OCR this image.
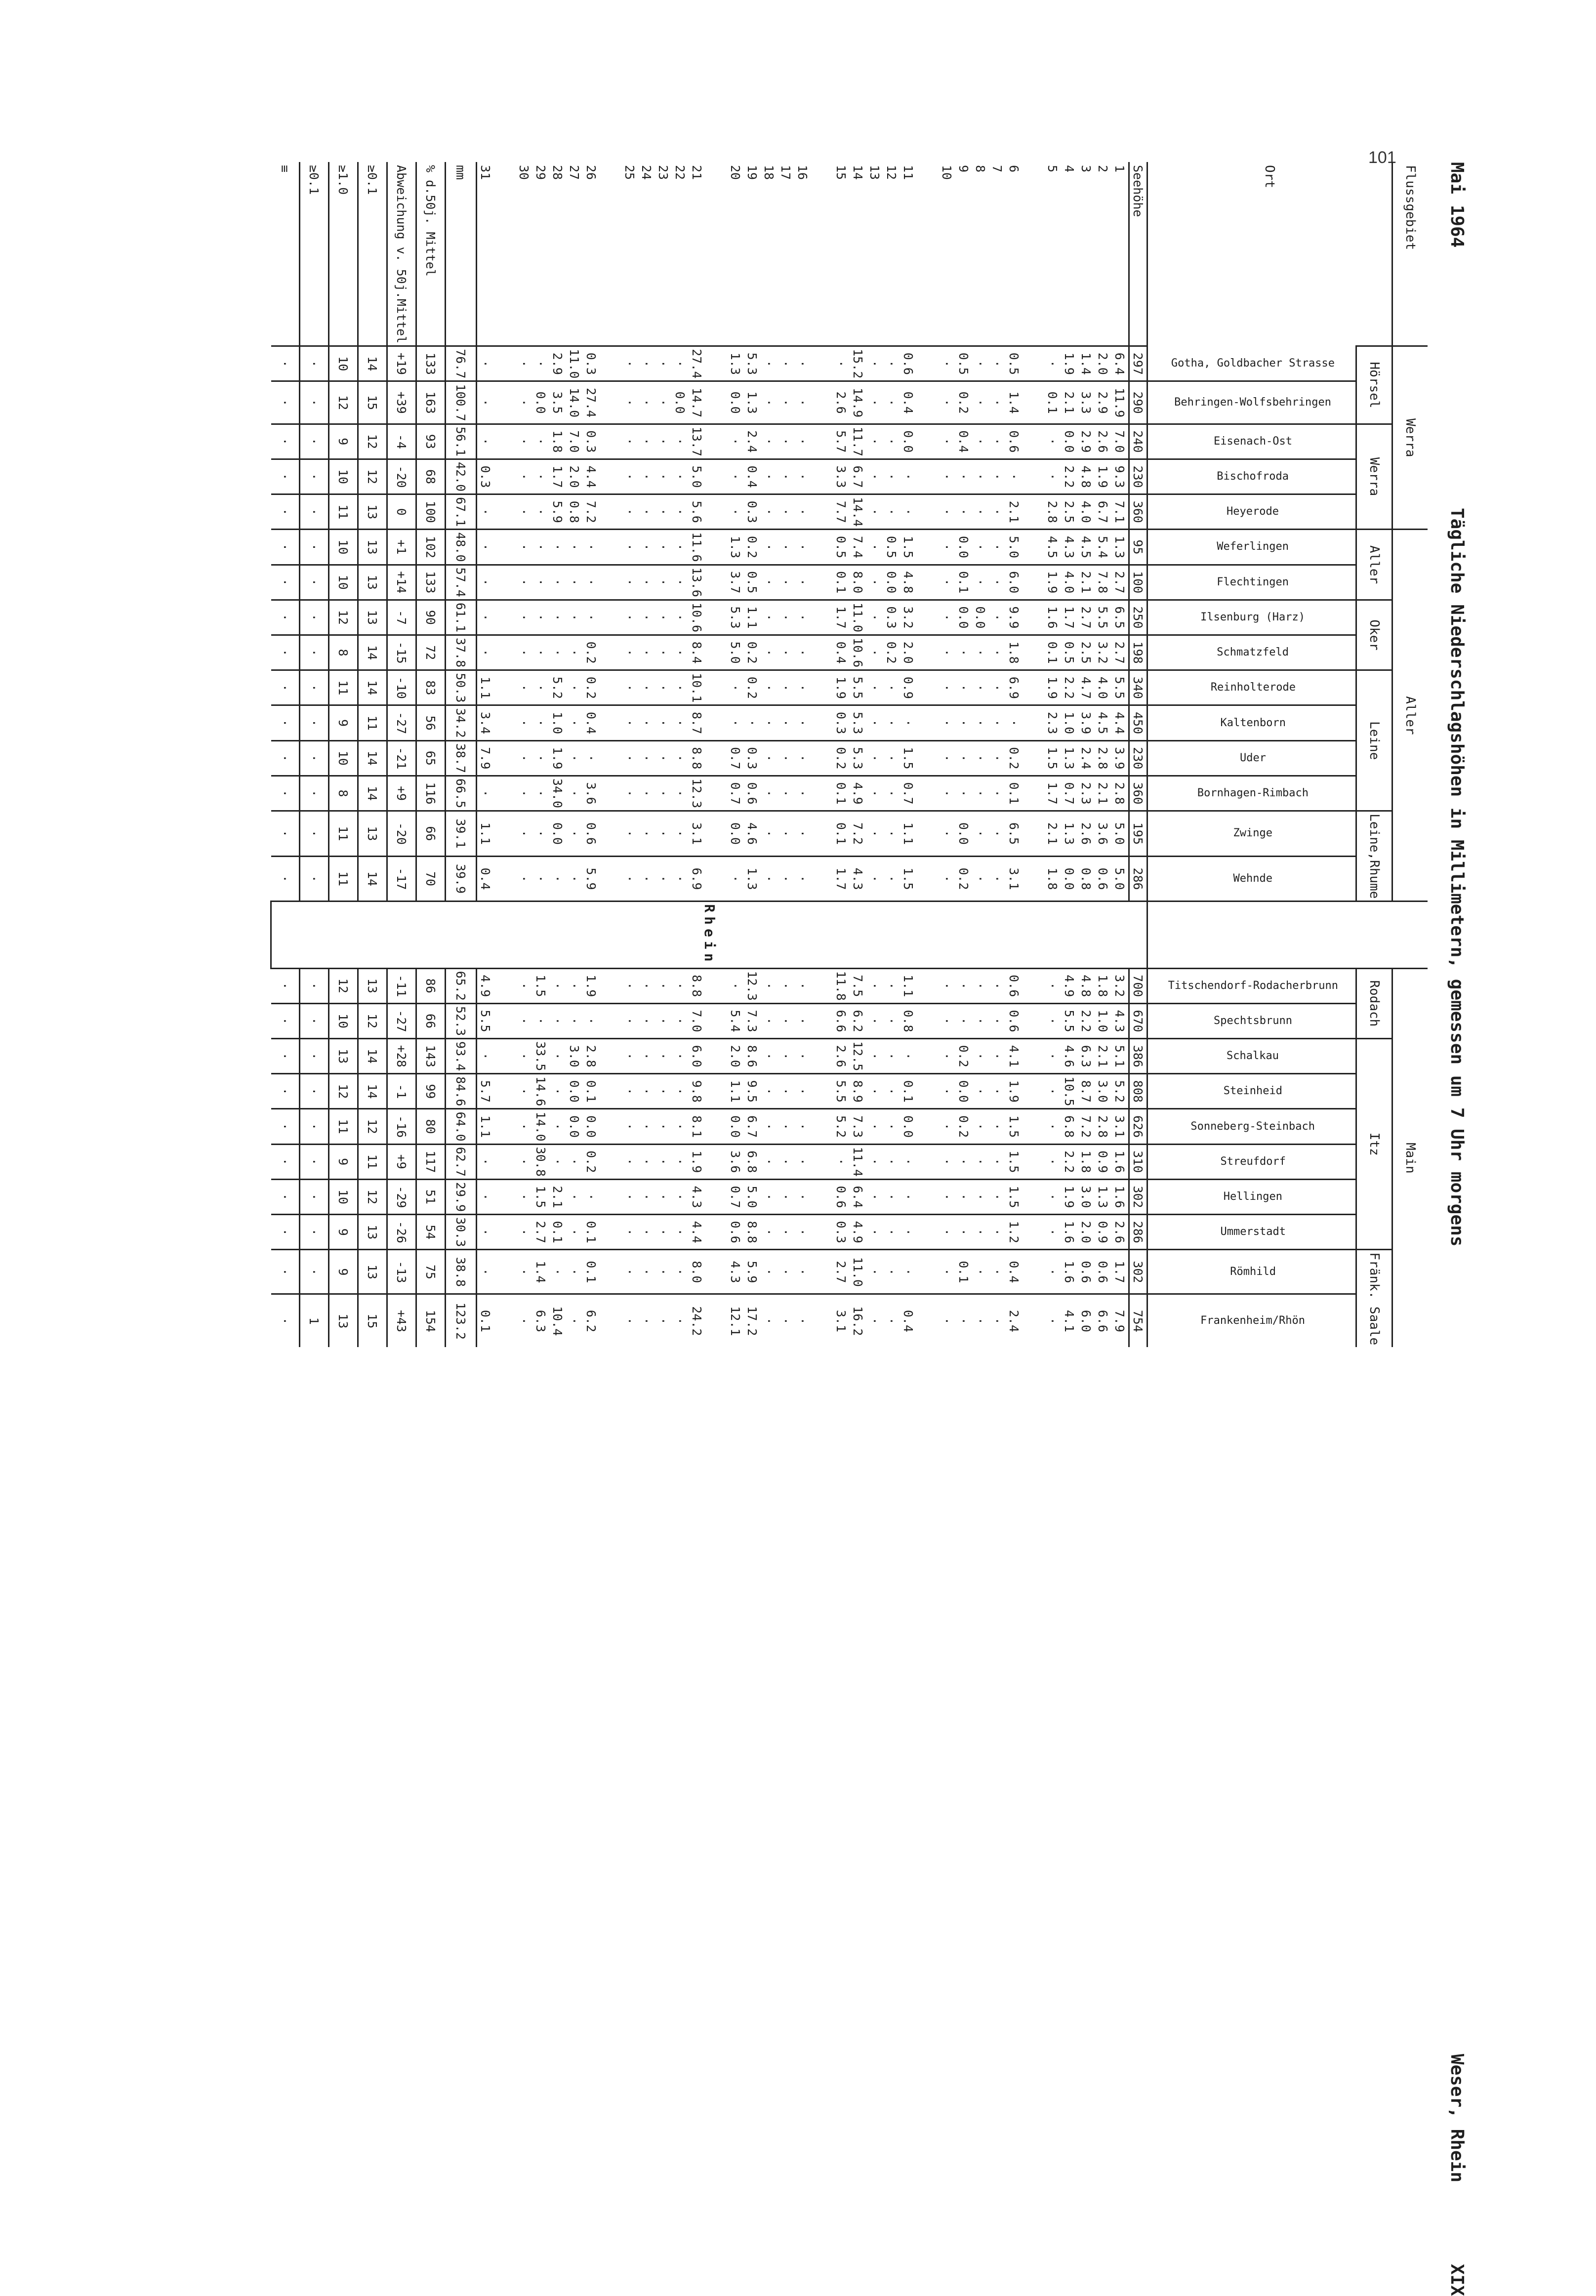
101
Mai 1964
Tägliche Niederschlagshöhen in Millimetern, gemessen um 7 Uhr morgens
Weser, Rhein
XIX
Flussgebiet	Werra					Aller											Main									
Ort	Hörsel		Werra			Aller		Oker		Leine				Leine,Rhume			Rodach		Itz						Fränk. Saale	
	Gotha, Goldbacher Strasse	Behringen-Wolfsbehringen	Eisenach-Ost	Bischofroda	Heyerode	Weferlingen	Flechtingen	Ilsenburg (Harz)	Schmatzfeld	Reinholterode	Kaltenborn	Uder	Bornhagen-Rimbach	Zwinge	Wehnde		Titschendorf-Rodacherbrunn	Spechtsbrunn	Schalkau	Steinheid	Sonneberg-Steinbach	Streufdorf	Hellingen	Ummerstadt	Römhild	Frankenheim/Rhön

Seehöhe	297	290	240	230	360	95	100	250	198	340	450	230	360	195	286	Rhein	700	670	386	808	626	310	302	286	302	754
1	6.4	11.9	7.0	9.3	7.1	1.3	2.7	6.5	2.7	5.5	4.4	3.9	2.8	5.0	5.0		3.2	4.3	5.1	5.2	3.1	1.6	1.6	2.6	1.7	7.9
2	2.0	2.9	2.6	1.9	6.7	5.4	7.8	5.5	3.2	4.0	4.5	2.8	2.1	3.6	0.6		1.8	1.0	2.1	3.0	2.8	0.9	1.3	0.9	0.6	6.6
3	1.4	3.3	2.9	4.8	4.0	4.5	2.1	2.7	2.5	4.7	3.9	2.4	2.3	2.6	0.8		4.8	2.2	6.3	8.7	7.2	1.8	3.0	2.0	0.6	6.0
4	1.9	2.1	0.0	2.2	2.5	4.3	4.0	1.7	0.5	2.2	1.0	1.3	0.7	1.3	0.0		4.9	5.5	4.6	10.5	6.8	2.2	1.9	1.6	1.6	4.1
5	·	0.1	·	·	2.8	4.5	1.9	1.6	0.1	1.9	2.3	1.5	1.7	2.1	1.8		·	·	·	·	·	·	·	·	·	·

6	0.5	1.4	0.6	·	2.1	5.0	6.0	9.9	1.8	6.9	·	0.2	0.1	6.5	3.1		0.6	0.6	4.1	1.9	1.5	1.5	1.5	1.2	0.4	2.4
7	·	·	·	·	·	·	·	·	·	·	·	·	·	·	·		·	·	·	·	·	·	·	·	·	·
8	·	·	·	·	·	·	·	0.0	·	·	·	·	·	·	·		·	·	·	·	·	·	·	·	·	·
9	0.5	0.2	0.4	·	·	0.0	0.1	0.0	·	·	·	·	·	0.0	0.2		·	·	0.2	0.0	0.2	·	·	·	0.1	·
10	·	·	·	·	·	·	·	·	·	·	·	·	·	·	·		·	·	·	·	·	·	·	·	·	·

11	0.6	0.4	0.0	·	·	1.5	4.8	3.2	2.0	0.9	·	1.5	0.7	1.1	1.5		1.1	0.8	·	0.1	0.0	·	·	·	·	0.4
12	·	·	·	·	·	0.5	0.0	0.3	0.2	·	·	·	·	·	·		·	·	·	·	·	·	·	·	·	·
13	·	·	·	·	·	·	·	·	·	·	·	·	·	·	·		·	·	·	·	·	·	·	·	·	·
14	15.2	14.9	11.7	6.7	14.4	7.4	8.0	11.0	10.6	5.5	5.3	5.3	4.9	7.2	4.3		7.5	6.2	12.5	8.9	7.3	11.4	6.4	4.9	11.0	16.2
15	·	2.6	5.7	3.3	7.7	0.5	0.1	1.7	0.4	1.9	0.3	0.2	0.1	0.1	1.7		11.8	6.6	2.6	5.5	5.2	·	0.6	0.3	2.7	3.1

16	·	·	·	·	·	·	·	·	·	·	·	·	·	·	·		·	·	·	·	·	·	·	·	·	·
17	·	·	·	·	·	·	·	·	·	·	·	·	·	·	·		·	·	·	·	·	·	·	·	·	·
18	·	·	·	·	·	·	·	·	·	·	·	·	·	·	·		·	·	·	·	·	·	·	·	·	·
19	5.3	1.3	2.4	0.4	0.3	0.2	0.5	1.1	0.2	0.2	·	0.3	0.6	4.6	1.3		12.3	7.3	8.6	9.5	6.7	6.8	5.0	8.8	5.9	17.2
20	1.3	0.0	·	·	·	1.3	3.7	5.3	5.0	·	·	0.7	0.7	0.0	·		·	5.4	2.0	1.1	0.0	3.6	0.7	0.6	4.3	12.1

21	27.4	14.7	13.7	5.0	5.6	11.6	13.6	10.6	8.4	10.1	8.7	8.8	12.3	3.1	6.9		8.8	7.0	6.0	9.8	8.1	1.9	4.3	4.4	8.0	24.2
22	·	0.0	·	·	·	·	·	·	·	·	·	·	·	·	·		·	·	·	·	·	·	·	·	·	·
23	·	·	·	·	·	·	·	·	·	·	·	·	·	·	·		·	·	·	·	·	·	·	·	·	·
24	·	·	·	·	·	·	·	·	·	·	·	·	·	·	·		·	·	·	·	·	·	·	·	·	·
25	·	·	·	·	·	·	·	·	·	·	·	·	·	·	·		·	·	·	·	·	·	·	·	·	·

26	0.3	27.4	0.3	4.4	7.2	·	·	·	0.2	0.2	0.4	·	3.6	0.6	5.9		1.9	·	2.8	0.1	0.0	0.2	·	0.1	0.1	6.2
27	11.0	14.0	7.0	2.0	0.8	·	·	·	·	·	·	·	·	·	·		·	·	3.0	0.0	0.0	·	·	·	·	·
28	2.9	3.5	1.8	1.7	5.9	·	·	·	·	5.2	1.0	1.9	34.0	0.0	·		·	·	·	·	·	·	2.1	0.1	·	10.4
29	·	0.0	·	·	·	·	·	·	·	·	·	·	·	·	·		1.5	·	33.5	14.6	14.0	30.8	1.5	2.7	1.4	6.3
30	·	·	·	·	·	·	·	·	·	·	·	·	·	·	·		·	·	·	·	·	·	·	·	·	·

31	·	·	·	0.3	·	·	·	·	·	1.1	3.4	7.9	·	1.1	0.4		4.9	5.5	·	5.7	1.1	·	·	·	·	0.1
mm	76.7	100.7	56.1	42.0	67.1	48.0	57.4	61.1	37.8	50.3	34.2	38.7	66.5	39.1	39.9		65.2	52.3	93.4	84.6	64.0	62.7	29.9	30.3	38.8	123.2
% d.50j. Mittel	133	163	93	68	100	102	133	90	72	83	56	65	116	66	70		86	66	143	99	80	117	51	54	75	154
Abweichung v. 50j.Mittel	+19	+39	-4	-20	0	+1	+14	-7	-15	-10	-27	-21	+9	-20	-17		-11	-27	+28	-1	-16	+9	-29	-26	-13	+43
≥0.1	14	15	12	12	13	13	13	13	14	14	11	14	14	13	14		13	12	14	14	12	11	12	13	13	15
≥1.0	10	12	9	10	11	10	10	12	8	11	9	10	8	11	11		12	10	13	12	11	9	10	9	9	13
≥0.1	·	·	·	·	·	·	·	·	·	·	·	·	·	·	·		·	·	·	·	·	·	·	·	·	1
≡	·	·	·	·	·	·	·	·	·	·	·	·	·	·	·		·	·	·	·	·	·	·	·	·	·
